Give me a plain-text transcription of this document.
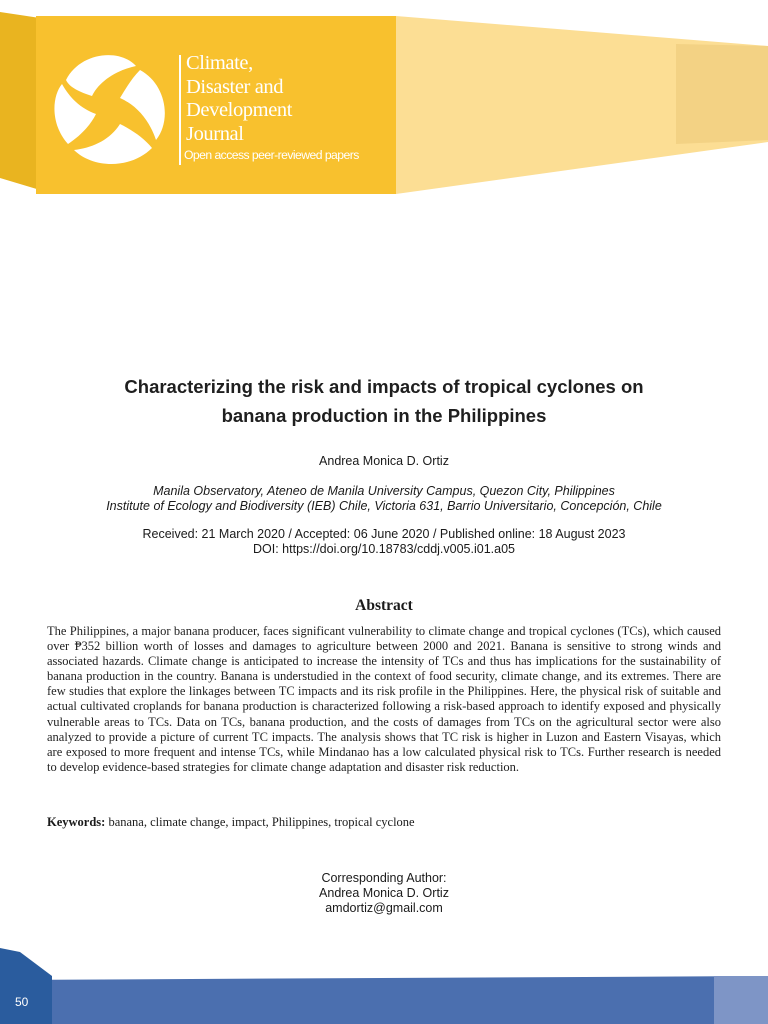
Climate,
Disaster and
Development
Journal
Open access peer-reviewed papers
Characterizing the risk and impacts of tropical cyclones on
banana production in the Philippines
Andrea Monica D. Ortiz
Manila Observatory, Ateneo de Manila University Campus, Quezon City, Philippines
Institute of Ecology and Biodiversity (IEB) Chile, Victoria 631, Barrio Universitario, Concepción, Chile
Received: 21 March 2020 / Accepted: 06 June 2020 / Published online: 18 August 2023
DOI: https://doi.org/10.18783/cddj.v005.i01.a05
Abstract
The Philippines, a major banana producer, faces significant vulnerability to climate change and tropical cyclones (TCs), which caused over ₱352 billion worth of losses and damages to agriculture between 2000 and 2021. Banana is sensitive to strong winds and associated hazards. Climate change is anticipated to increase the intensity of TCs and thus has implications for the sustainability of banana production in the country. Banana is understudied in the context of food security, climate change, and its extremes. There are few studies that explore the linkages between TC impacts and its risk profile in the Philippines. Here, the physical risk of suitable and actual cultivated croplands for banana production is characterized following a risk-based approach to identify exposed and physically vulnerable areas to TCs. Data on TCs, banana production, and the costs of damages from TCs on the agricultural sector were also analyzed to provide a picture of current TC impacts. The analysis shows that TC risk is higher in Luzon and Eastern Visayas, which are exposed to more frequent and intense TCs, while Mindanao has a low calculated physical risk to TCs. Further research is needed to develop evidence-based strategies for climate change adaptation and disaster risk reduction.
Keywords: banana, climate change, impact, Philippines, tropical cyclone
Corresponding Author:
Andrea Monica D. Ortiz
amdortiz@gmail.com
50
